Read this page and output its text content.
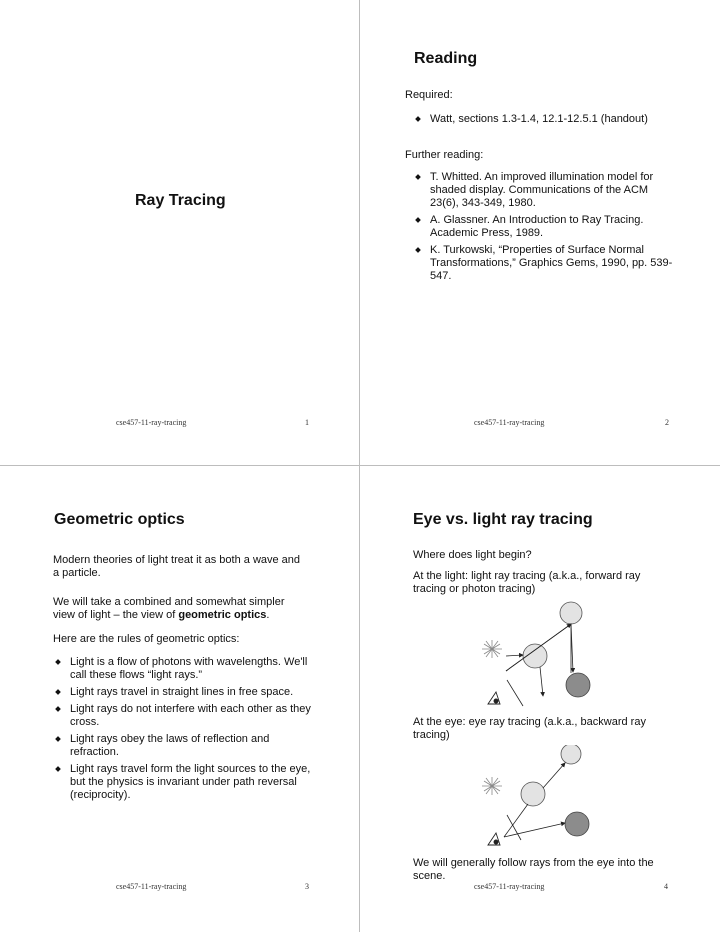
Ray Tracing
cse457-11-ray-tracing	1
Reading
Required:
Watt, sections 1.3-1.4, 12.1-12.5.1 (handout)
Further reading:
T. Whitted. An improved illumination model for shaded display. Communications of the ACM 23(6), 343-349, 1980.
A. Glassner. An Introduction to Ray Tracing. Academic Press, 1989.
K. Turkowski, “Properties of Surface Normal Transformations,” Graphics Gems, 1990, pp. 539-547.
cse457-11-ray-tracing	2
Geometric optics
Modern theories of light treat it as both a wave and a particle.
We will take a combined and somewhat simpler view of light – the view of geometric optics.
Here are the rules of geometric optics:
Light is a flow of photons with wavelengths. We'll call these flows “light rays.”
Light rays travel in straight lines in free space.
Light rays do not interfere with each other as they cross.
Light rays obey the laws of reflection and refraction.
Light rays travel form the light sources to the eye, but the physics is invariant under path reversal (reciprocity).
cse457-11-ray-tracing	3
Eye vs. light ray tracing
Where does light begin?
At the light: light ray tracing (a.k.a., forward ray tracing or photon tracing)
At the eye: eye ray tracing (a.k.a., backward ray tracing)
We will generally follow rays from the eye into the scene.
cse457-11-ray-tracing	4
